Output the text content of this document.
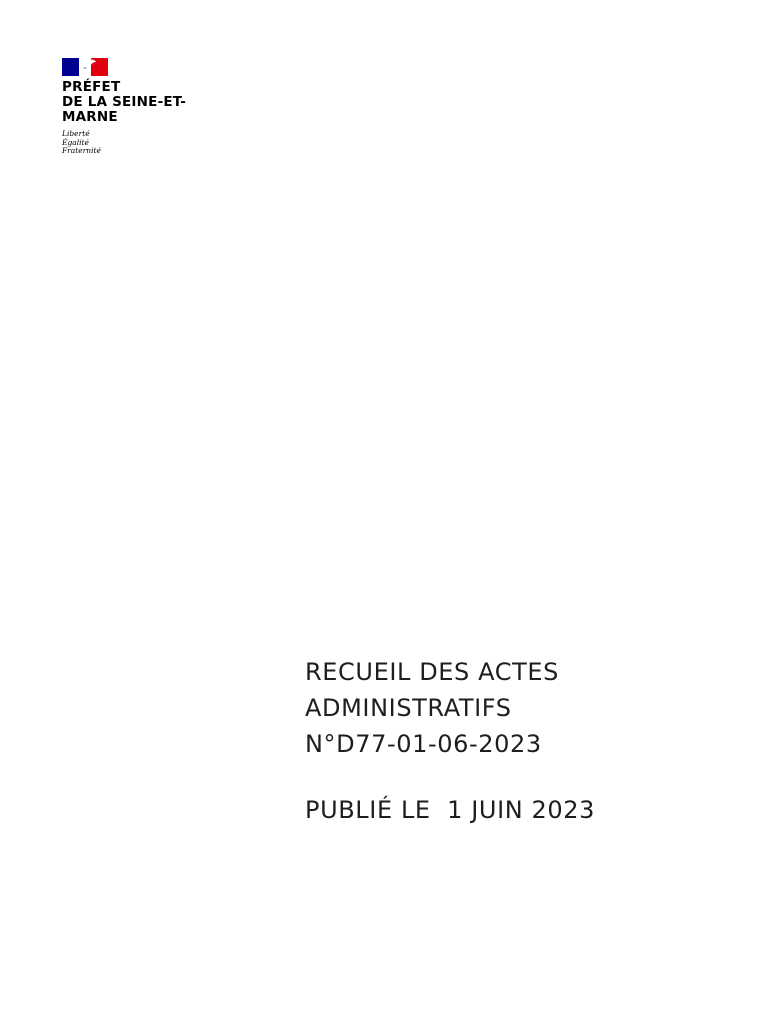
PRÉFET
DE LA SEINE-ET-
MARNE
Liberté
Égalité
Fraternité
RECUEIL DES ACTES
ADMINISTRATIFS
N°D77-01-06-2023
PUBLIÉ LE  1 JUIN 2023
